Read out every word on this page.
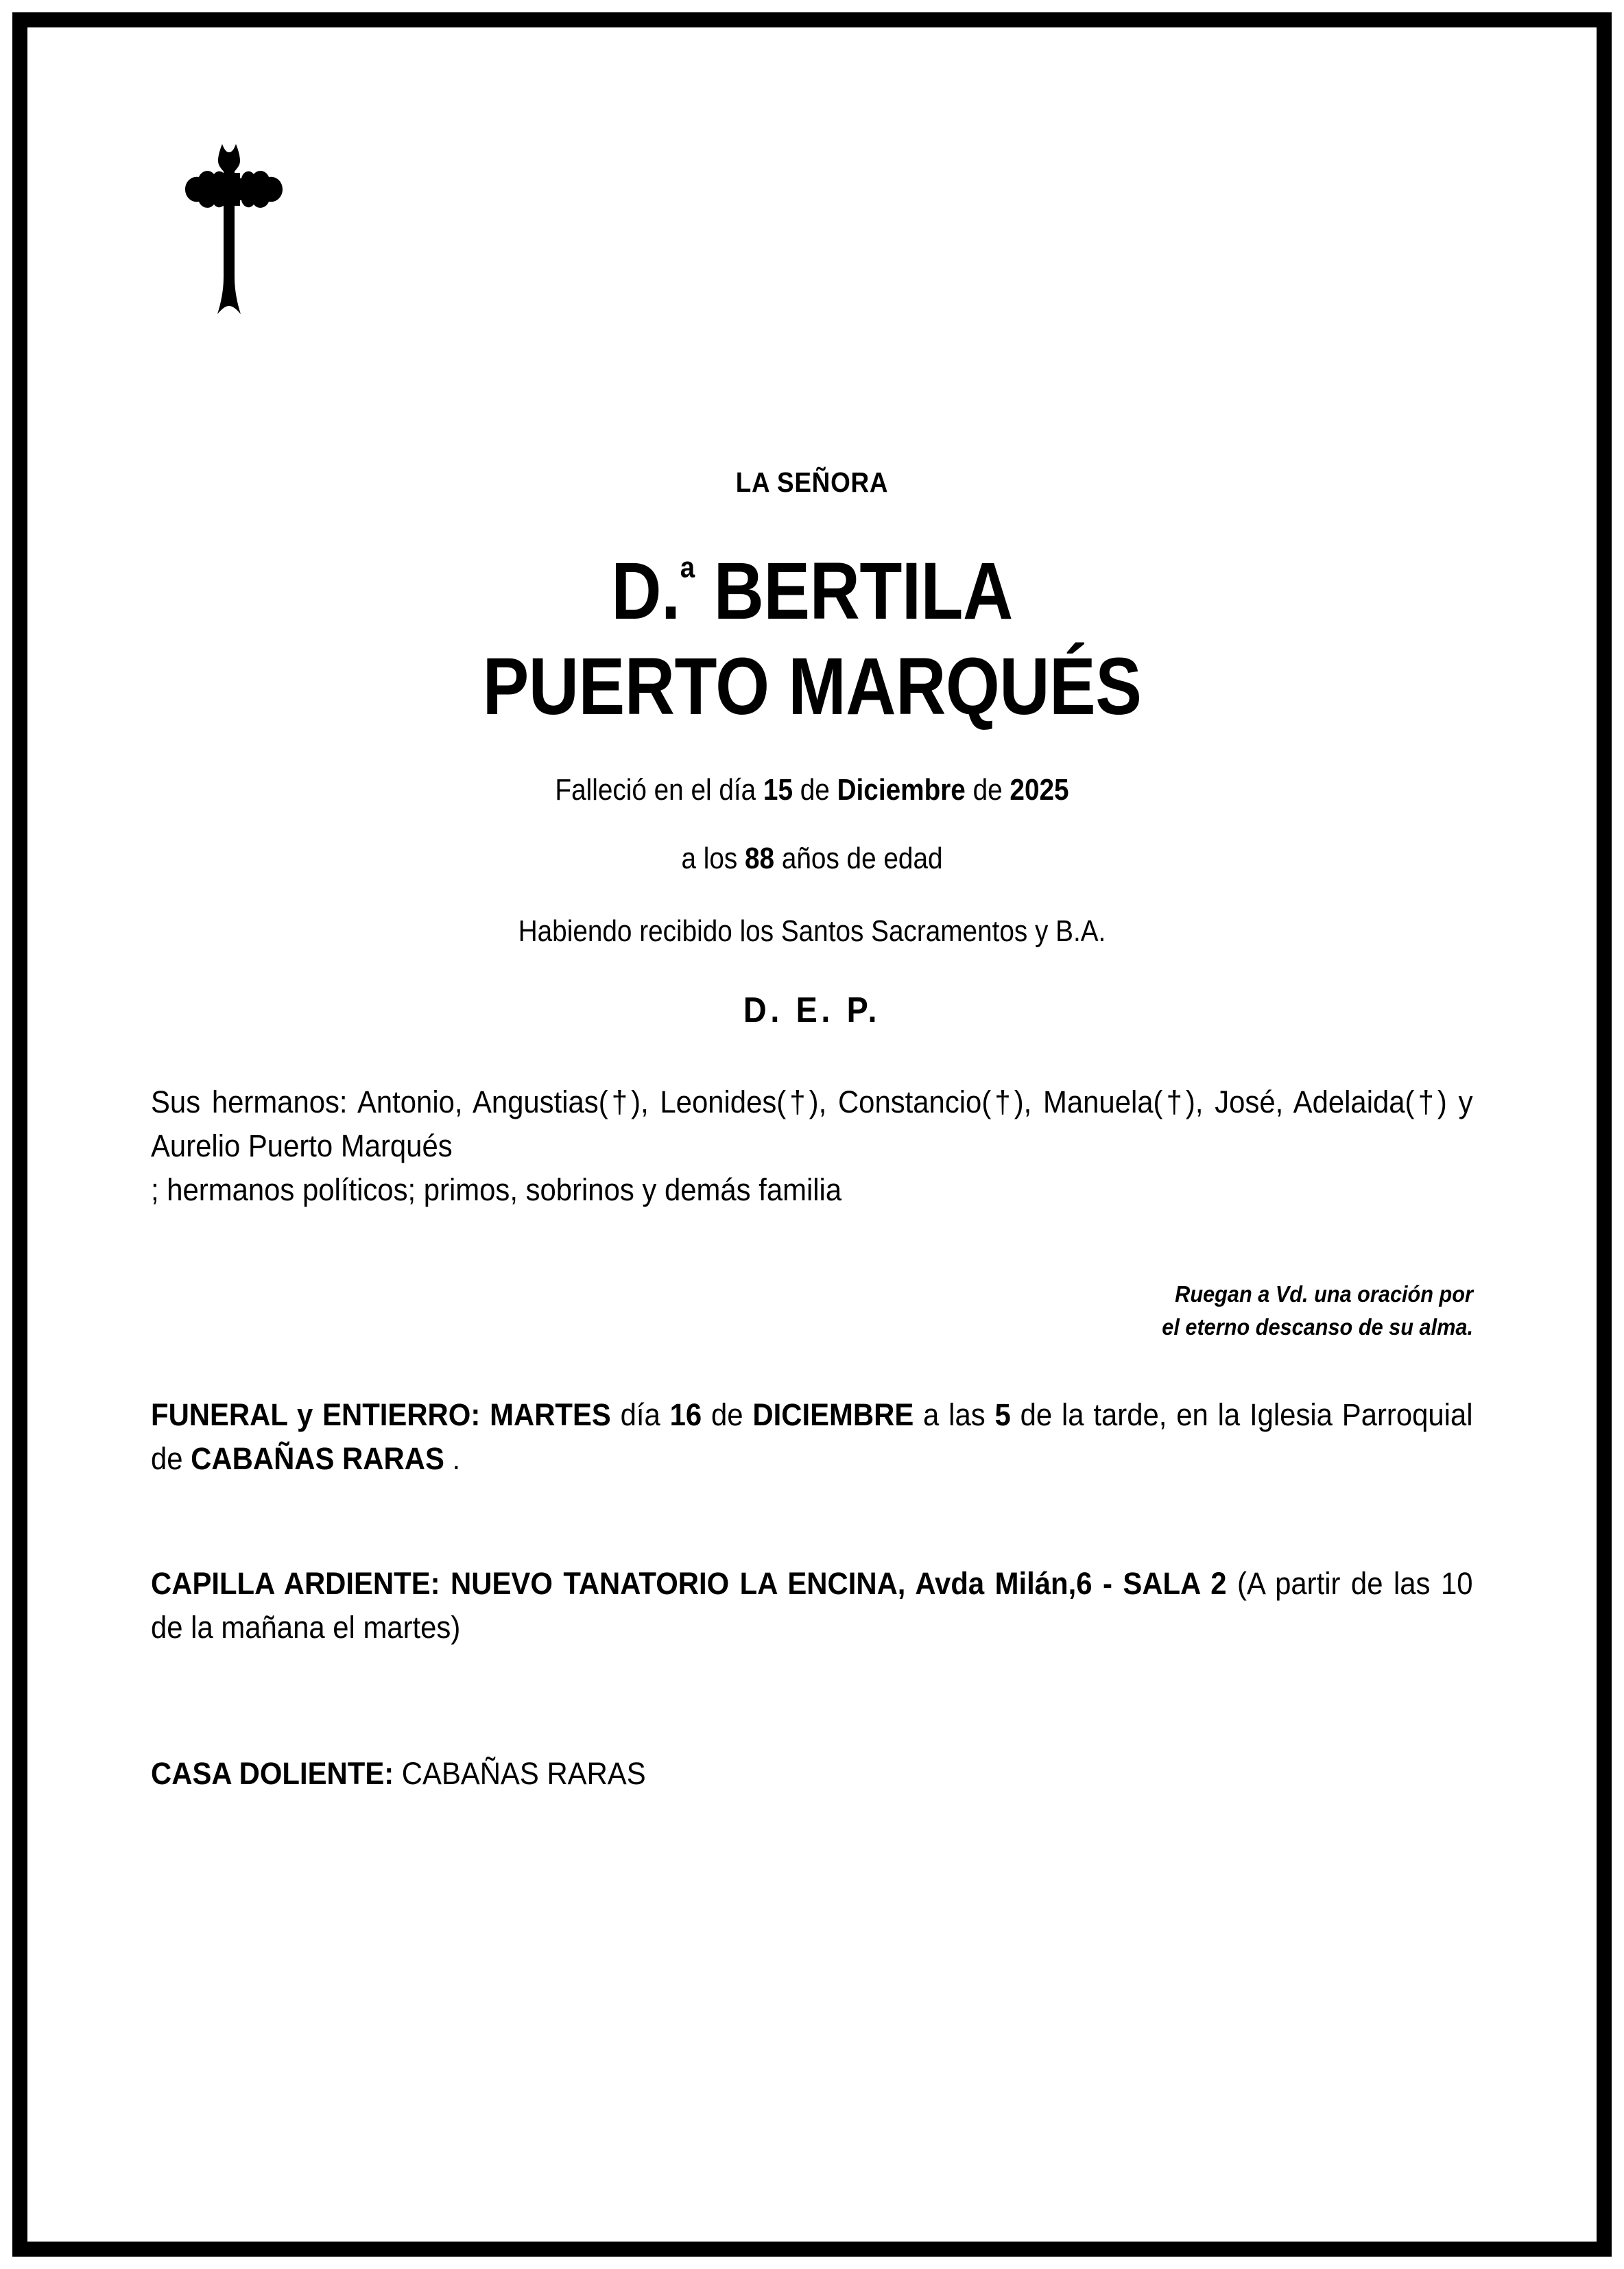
LA SEÑORA
D.$^ª$ BERTILA
PUERTO MARQUÉS
Falleció en el día 15 de Diciembre de 2025
a los 88 años de edad
Habiendo recibido los Santos Sacramentos y B.A.
D. E. P.

Sus hermanos: Antonio, Angustias(†), Leonides(†), Constancio(†), Manuela(†), José, Adelaida(†) y Aurelio Puerto Marqués
; hermanos políticos; primos, sobrinos y demás familia

Ruegan a Vd. una oración por
el eterno descanso de su alma.

FUNERAL y ENTIERRO: MARTES día 16 de DICIEMBRE a las 5 de la tarde, en la Iglesia Parroquial de CABAÑAS RARAS .

CAPILLA ARDIENTE: NUEVO TANATORIO LA ENCINA, Avda Milán,6 - SALA 2 (A partir de las 10 de la mañana el martes)

CASA DOLIENTE: CABAÑAS RARAS
